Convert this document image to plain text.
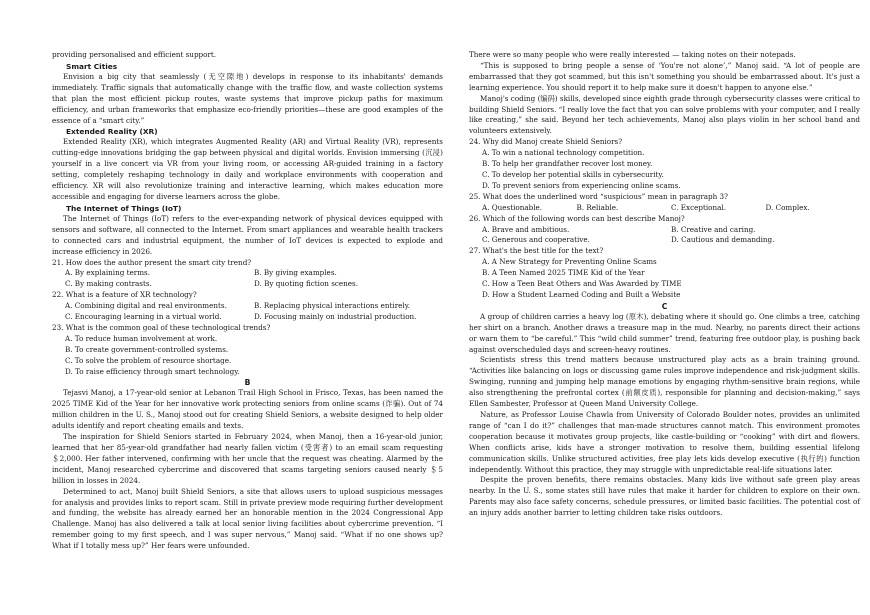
providing personalised and efficient support.

Smart Cities

Envision a big city that seamlessly (无空隙地) develops in response to its inhabitants' demands immediately. Traffic signals that automatically change with the traffic flow, and waste collection systems that plan the most efficient pickup routes, waste systems that improve pickup paths for maximum efficiency, and urban frameworks that emphasize eco-friendly priorities—these are good examples of the essence of a “smart city.”

Extended Reality (XR)

Extended Reality (XR), which integrates Augmented Reality (AR) and Virtual Reality (VR), represents cutting-edge innovations bridging the gap between physical and digital worlds. Envision immersing (沉浸) yourself in a live concert via VR from your living room, or accessing AR-guided training in a factory setting, completely reshaping technology in daily and workplace environments with cooperation and efficiency. XR will also revolutionize training and interactive learning, which makes education more accessible and engaging for diverse learners across the globe.

The Internet of Things (IoT)

The Internet of Things (IoT) refers to the ever-expanding network of physical devices equipped with sensors and software, all connected to the Internet. From smart appliances and wearable health trackers to connected cars and industrial equipment, the number of IoT devices is expected to explode and increase efficiency in 2026.

21. How does the author present the smart city trend?

A. By explaining terms.	B. By giving examples.
C. By making contrasts.	D. By quoting fiction scenes.

22. What is a feature of XR technology?

A. Combining digital and real environments.	B. Replacing physical interactions entirely.
C. Encouraging learning in a virtual world.	D. Focusing mainly on industrial production.

23. What is the common goal of these technological trends?

A. To reduce human involvement at work.
B. To create government-controlled systems.
C. To solve the problem of resource shortage.
D. To raise efficiency through smart technology.

B

Tejasvi Manoj, a 17-year-old senior at Lebanon Trail High School in Frisco, Texas, has been named the 2025 TIME Kid of the Year for her innovative work protecting seniors from online scams (诈骗). Out of 74 million children in the U. S., Manoj stood out for creating Shield Seniors, a website designed to help older adults identify and report cheating emails and texts.

The inspiration for Shield Seniors started in February 2024, when Manoj, then a 16-year-old junior, learned that her 85-year-old grandfather had nearly fallen victim (受害者) to an email scam requesting ＄2,000. Her father intervened, confirming with her uncle that the request was cheating. Alarmed by the incident, Manoj researched cybercrime and discovered that scams targeting seniors caused nearly ＄5 billion in losses in 2024.

Determined to act, Manoj built Shield Seniors, a site that allows users to upload suspicious messages for analysis and provides links to report scam. Still in private preview mode requiring further development and funding, the website has already earned her an honorable mention in the 2024 Congressional App Challenge. Manoj has also delivered a talk at local senior living facilities about cybercrime prevention. “I remember going to my first speech, and I was super nervous,” Manoj said. “What if no one shows up? What if I totally mess up?” Her fears were unfounded.

There were so many people who were really interested — taking notes on their notepads.

“This is supposed to bring people a sense of ‘You're not alone’,” Manoj said. “A lot of people are embarrassed that they got scammed, but this isn't something you should be embarrassed about. It's just a learning experience. You should report it to help make sure it doesn't happen to anyone else.”

Manoj's coding (编码) skills, developed since eighth grade through cybersecurity classes were critical to building Shield Seniors. “I really love the fact that you can solve problems with your computer, and I really like creating,” she said. Beyond her tech achievements, Manoj also plays violin in her school band and volunteers extensively.

24. Why did Manoj create Shield Seniors?

A. To win a national technology competition.
B. To help her grandfather recover lost money.
C. To develop her potential skills in cybersecurity.
D. To prevent seniors from experiencing online scams.

25. What does the underlined word “suspicious” mean in paragraph 3?

A. Questionable.	B. Reliable.	C. Exceptional.	D. Complex.

26. Which of the following words can best describe Manoj?

A. Brave and ambitious.	B. Creative and caring.
C. Generous and cooperative.	D. Cautious and demanding.

27. What's the best title for the text?

A. A New Strategy for Preventing Online Scams
B. A Teen Named 2025 TIME Kid of the Year
C. How a Teen Beat Others and Was Awarded by TIME
D. How a Student Learned Coding and Built a Website

C

A group of children carries a heavy log (原木), debating where it should go. One climbs a tree, catching her shirt on a branch. Another draws a treasure map in the mud. Nearby, no parents direct their actions or warn them to “be careful.” This “wild child summer” trend, featuring free outdoor play, is pushing back against overscheduled days and screen-heavy routines.

Scientists stress this trend matters because unstructured play acts as a brain training ground. “Activities like balancing on logs or discussing game rules improve independence and risk-judgment skills. Swinging, running and jumping help manage emotions by engaging rhythm-sensitive brain regions, while also strengthening the prefrontal cortex (前额皮质), responsible for planning and decision-making,” says Ellen Sambester, Professor at Queen Mand University College.

Nature, as Professor Louise Chawla from University of Colorado Boulder notes, provides an unlimited range of “can I do it?” challenges that man-made structures cannot match. This environment promotes cooperation because it motivates group projects, like castle-building or “cooking” with dirt and flowers. When conflicts arise, kids have a stronger motivation to resolve them, building essential lifelong communication skills. Unlike structured activities, free play lets kids develop executive (执行的) function independently. Without this practice, they may struggle with unpredictable real-life situations later.

Despite the proven benefits, there remains obstacles. Many kids live without safe green play areas nearby. In the U. S., some states still have rules that make it harder for children to explore on their own. Parents may also face safety concerns, schedule pressures, or limited basic facilities. The potential cost of an injury adds another barrier to letting children take risks outdoors.
